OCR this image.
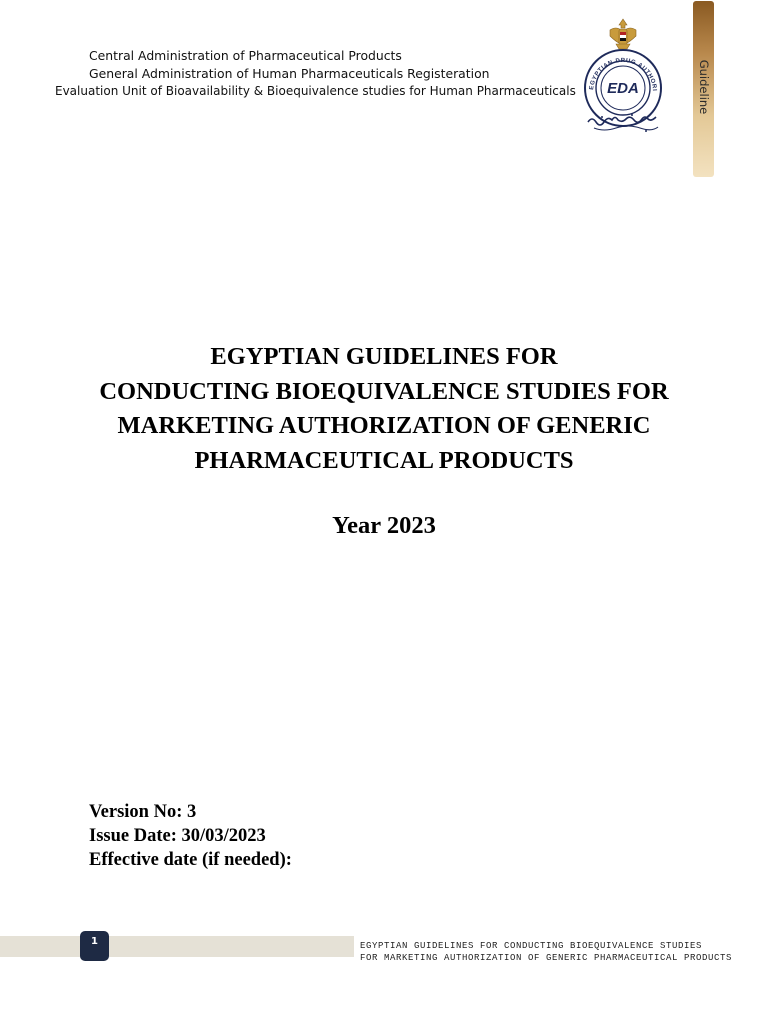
Central Administration of Pharmaceutical Products
General Administration of Human Pharmaceuticals Registeration
Evaluation Unit of Bioavailability & Bioequivalence studies for Human Pharmaceuticals EDA
EGYPTIAN DRUG AUTHORI	Guideline
EGYPTIAN GUIDELINES FOR
CONDUCTING BIOEQUIVALENCE STUDIES FOR
MARKETING AUTHORIZATION OF GENERIC
PHARMACEUTICAL PRODUCTS
Year 2023
Version No: 3
Issue Date: 30/03/2023
Effective date (if needed):
1	EGYPTIAN GUIDELINES FOR CONDUCTING BIOEQUIVALENCE STUDIES
FOR MARKETING AUTHORIZATION OF GENERIC PHARMACEUTICAL PRODUCTS
